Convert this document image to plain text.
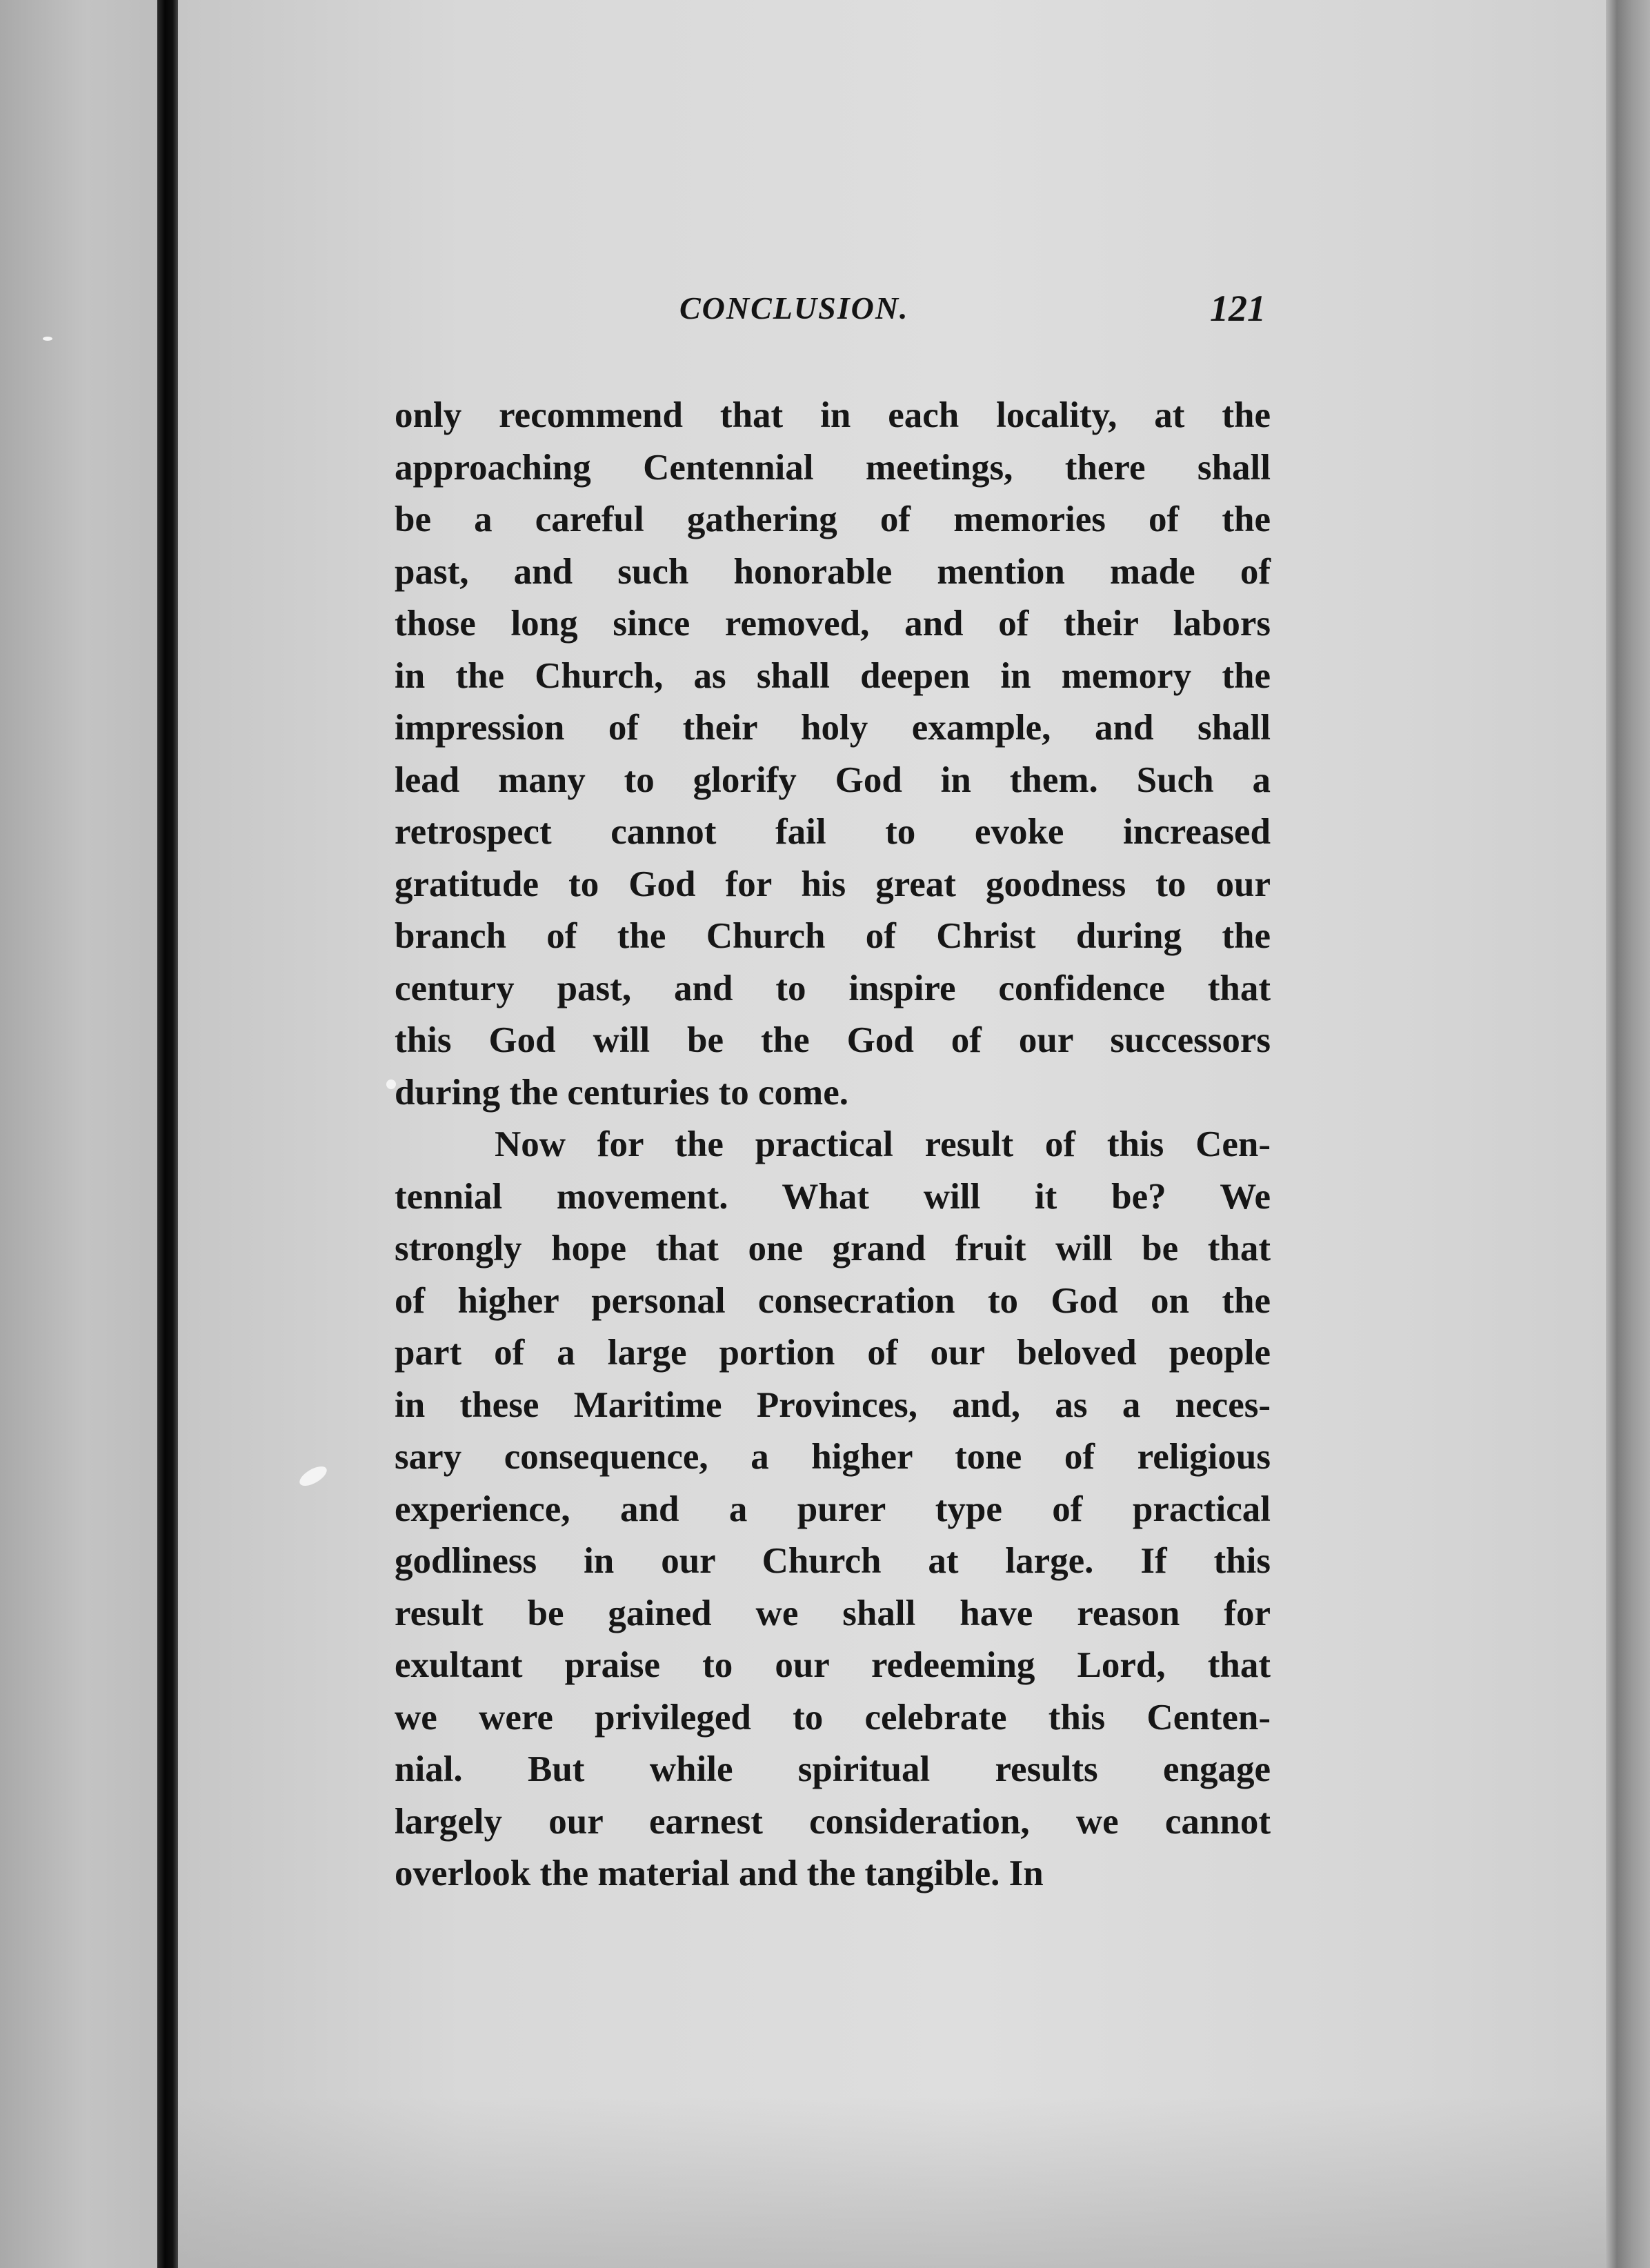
CONCLUSION.	121
only recommend that in each locality, at the
approaching Centennial meetings, there shall
be a careful gathering of memories of the
past, and such honorable mention made of
those long since removed, and of their labors
in the Church, as shall deepen in memory the
impression of their holy example, and shall
lead many to glorify God in them. Such a
retrospect cannot fail to evoke increased
gratitude to God for his great goodness to our
branch of the Church of Christ during the
century past, and to inspire confidence that
this God will be the God of our successors
during the centuries to come.
Now for the practical result of this Cen-
tennial movement. What will it be? We
strongly hope that one grand fruit will be that
of higher personal consecration to God on the
part of a large portion of our beloved people
in these Maritime Provinces, and, as a neces-
sary consequence, a higher tone of religious
experience, and a purer type of practical
godliness in our Church at large. If this
result be gained we shall have reason for
exultant praise to our redeeming Lord, that
we were privileged to celebrate this Centen-
nial. But while spiritual results engage
largely our earnest consideration, we cannot
overlook the material and the tangible. In
